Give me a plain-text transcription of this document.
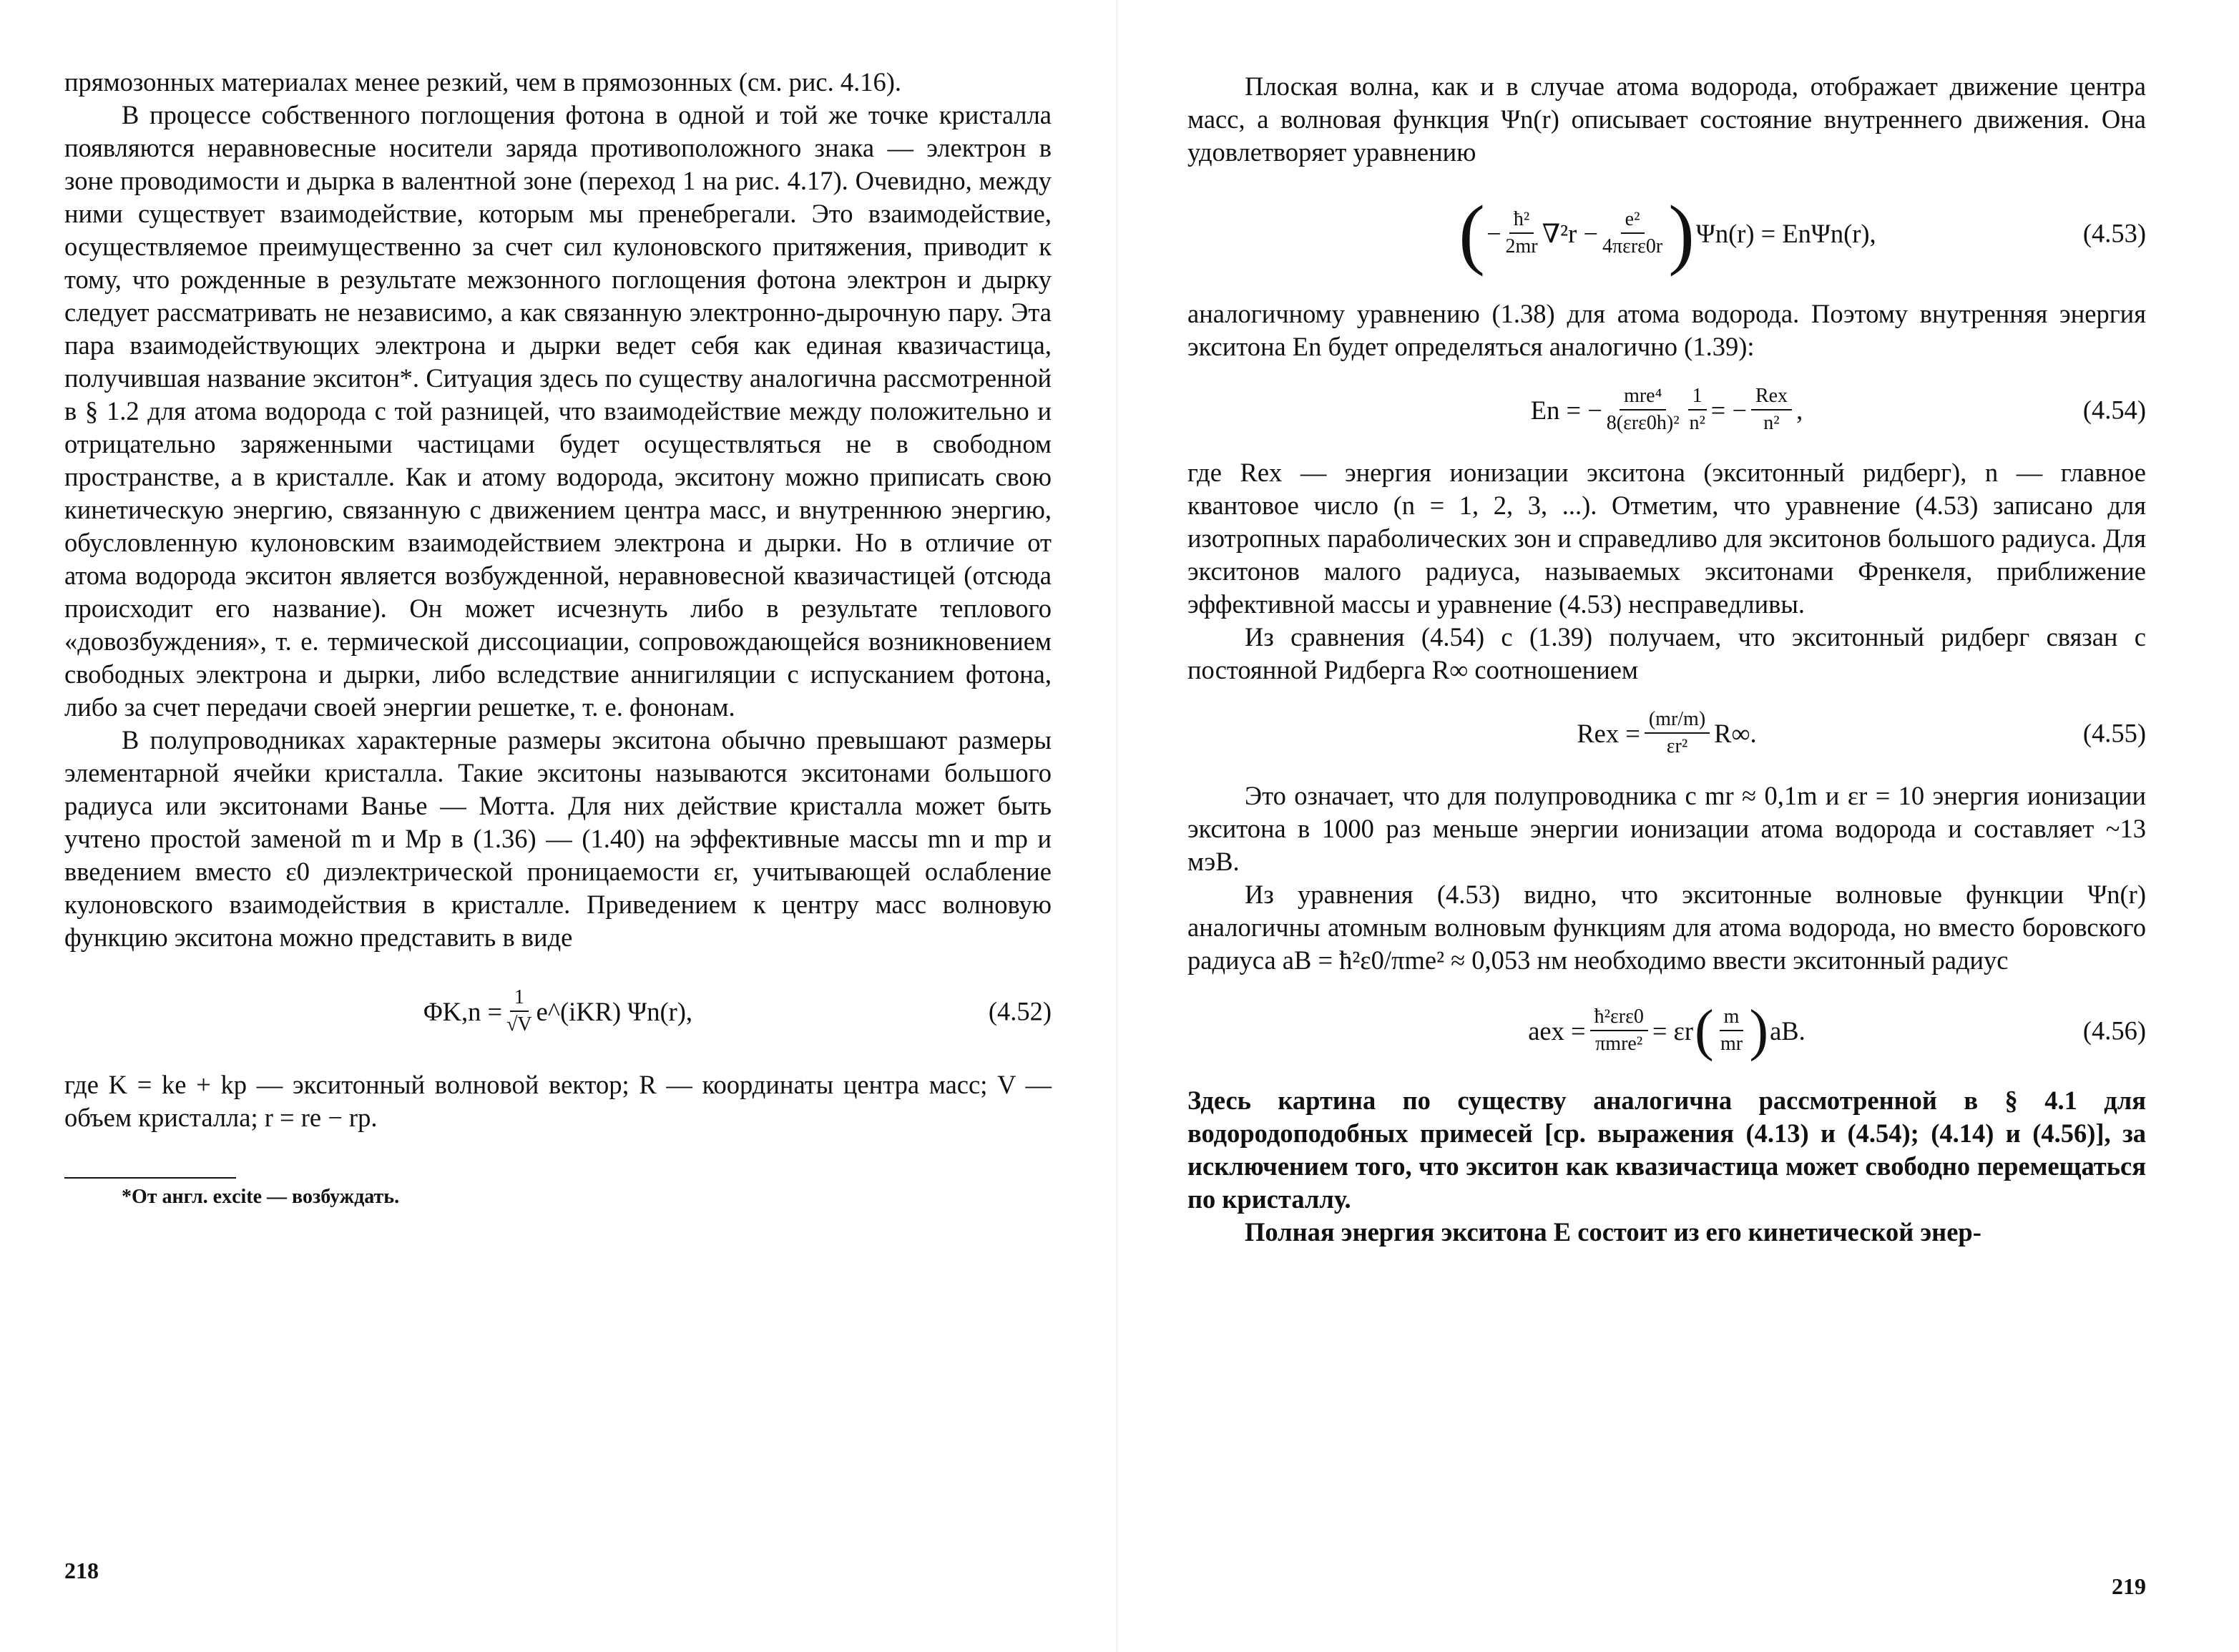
прямозонных материалах менее резкий, чем в прямозонных (см. рис. 4.16).

В процессе собственного поглощения фотона в одной и той же точке кристалла появляются неравновесные носители заряда противоположного знака — электрон в зоне проводимости и дырка в валентной зоне (переход 1 на рис. 4.17). Очевидно, между ними существует взаимодействие, которым мы пренебрегали. Это взаимодействие, осуществляемое преимущественно за счет сил кулоновского притяжения, приводит к тому, что рожденные в результате межзонного поглощения фотона электрон и дырку следует рассматривать не независимо, а как связанную электронно-дырочную пару. Эта пара взаимодействующих электрона и дырки ведет себя как единая квазичастица, получившая название экситон*. Ситуация здесь по существу аналогична рассмотренной в § 1.2 для атома водорода с той разницей, что взаимодействие между положительно и отрицательно заряженными частицами будет осуществляться не в свободном пространстве, а в кристалле. Как и атому водорода, экситону можно приписать свою кинетическую энергию, связанную с движением центра масс, и внутреннюю энергию, обусловленную кулоновским взаимодействием электрона и дырки. Но в отличие от атома водорода экситон является возбужденной, неравновесной квазичастицей (отсюда происходит его название). Он может исчезнуть либо в результате теплового «довозбуждения», т. е. термической диссоциации, сопровождающейся возникновением свободных электрона и дырки, либо вследствие аннигиляции с испусканием фотона, либо за счет передачи своей энергии решетке, т. е. фононам.

В полупроводниках характерные размеры экситона обычно превышают размеры элементарной ячейки кристалла. Такие экситоны называются экситонами большого радиуса или экситонами Ванье — Мотта. Для них действие кристалла может быть учтено простой заменой m и Mp в (1.36) — (1.40) на эффективные массы mn и mp и введением вместо ε0 диэлектрической проницаемости εr, учитывающей ослабление кулоновского взаимодействия в кристалле. Приведением к центру масс волновую функцию экситона можно представить в виде

$\Phi K,n = \frac{1}{√V}$ e^(iKR) Ψn(r),	(4.52)

где K = ke + kp — экситонный волновой вектор; R — координаты центра масс; V — объем кристалла; r = re − rp.

*От англ. excite — возбуждать.
218

Плоская волна, как и в случае атома водорода, отображает движение центра масс, а волновая функция Ψn(r) описывает состояние внутреннего движения. Она удовлетворяет уравнению

( − $\frac{\text{ħ²}}{2mr} \nabla^2r - \frac{\text{e²}}{\text{4πεrε0r}}$ ) Ψn(r) = EnΨn(r),	(4.53)

аналогичному уравнению (1.38) для атома водорода. Поэтому внутренняя энергия экситона En будет определяться аналогично (1.39):

En = − $\frac{\text{mre⁴}}{\text{8(εrε0h)²}} \frac{1}{\text{n²}}$ = − $\frac{\text{Rex}}{\text{n²}}$ ,	(4.54)

где Rex — энергия ионизации экситона (экситонный ридберг), n — главное квантовое число (n = 1, 2, 3, ...). Отметим, что уравнение (4.53) записано для изотропных параболических зон и справедливо для экситонов большого радиуса. Для экситонов малого радиуса, называемых экситонами Френкеля, приближение эффективной массы и уравнение (4.53) несправедливы.

Из сравнения (4.54) с (1.39) получаем, что экситонный ридберг связан с постоянной Ридберга R∞ соотношением

Rex = $\frac{(mr/m)}{\text{εr²}} R\infty$.	(4.55)

Это означает, что для полупроводника с mr ≈ 0,1m и εr = 10 энергия ионизации экситона в 1000 раз меньше энергии ионизации атома водорода и составляет ~13 мэВ.

Из уравнения (4.53) видно, что экситонные волновые функции Ψn(r) аналогичны атомным волновым функциям для атома водорода, но вместо боровского радиуса aB = ħ²ε0/πme² ≈ 0,053 нм необходимо ввести экситонный радиус

aex = $\frac{\text{ħ²εrε0}}{\text{πmre²}} = \varepsilon r$ ( $\frac{m}{mr}$ ) aB.	(4.56)

Здесь картина по существу аналогична рассмотренной в § 4.1 для водородоподобных примесей [ср. выражения (4.13) и (4.54); (4.14) и (4.56)], за исключением того, что экситон как квазичастица может свободно перемещаться по кристаллу.

Полная энергия экситона E состоит из его кинетической энер-

219
